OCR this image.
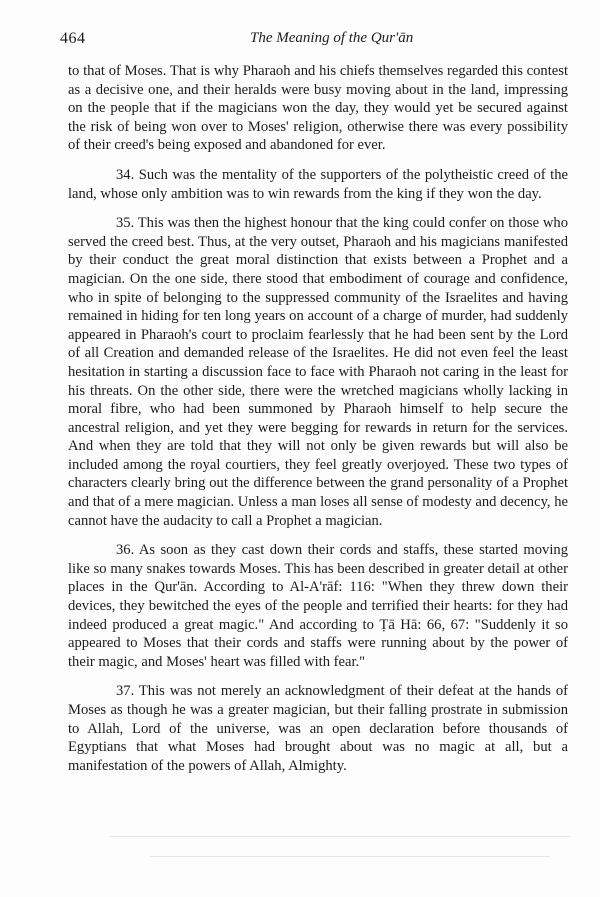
464	The Meaning of the Qur'ān

to that of Moses. That is why Pharaoh and his chiefs themselves regarded this contest as a decisive one, and their heralds were busy moving about in the land, impressing on the people that if the magicians won the day, they would yet be secured against the risk of being won over to Moses' religion, otherwise there was every possibility of their creed's being exposed and abandoned for ever.

34. Such was the mentality of the supporters of the polytheistic creed of the land, whose only ambition was to win rewards from the king if they won the day.

35. This was then the highest honour that the king could confer on those who served the creed best. Thus, at the very outset, Pharaoh and his magicians manifested by their conduct the great moral distinction that exists between a Prophet and a magician. On the one side, there stood that embodiment of courage and confidence, who in spite of belonging to the suppressed community of the Israelites and having remained in hiding for ten long years on account of a charge of murder, had suddenly appeared in Pharaoh's court to proclaim fearlessly that he had been sent by the Lord of all Creation and demanded release of the Israelites. He did not even feel the least hesitation in starting a discussion face to face with Pharaoh not caring in the least for his threats. On the other side, there were the wretched magicians wholly lacking in moral fibre, who had been summoned by Pharaoh himself to help secure the ancestral religion, and yet they were begging for rewards in return for the services. And when they are told that they will not only be given rewards but will also be included among the royal courtiers, they feel greatly overjoyed. These two types of characters clearly bring out the difference between the grand personality of a Prophet and that of a mere magician. Unless a man loses all sense of modesty and decency, he cannot have the audacity to call a Prophet a magician.

36. As soon as they cast down their cords and staffs, these started moving like so many snakes towards Moses. This has been described in greater detail at other places in the Qur'ān. According to Al-A'rāf: 116: "When they threw down their devices, they bewitched the eyes of the people and terrified their hearts: for they had indeed produced a great magic." And according to Ṭā Hā: 66, 67: "Suddenly it so appeared to Moses that their cords and staffs were running about by the power of their magic, and Moses' heart was filled with fear."

37. This was not merely an acknowledgment of their defeat at the hands of Moses as though he was a greater magician, but their falling prostrate in submission to Allah, Lord of the universe, was an open declaration before thousands of Egyptians that what Moses had brought about was no magic at all, but a manifestation of the powers of Allah, Almighty.
